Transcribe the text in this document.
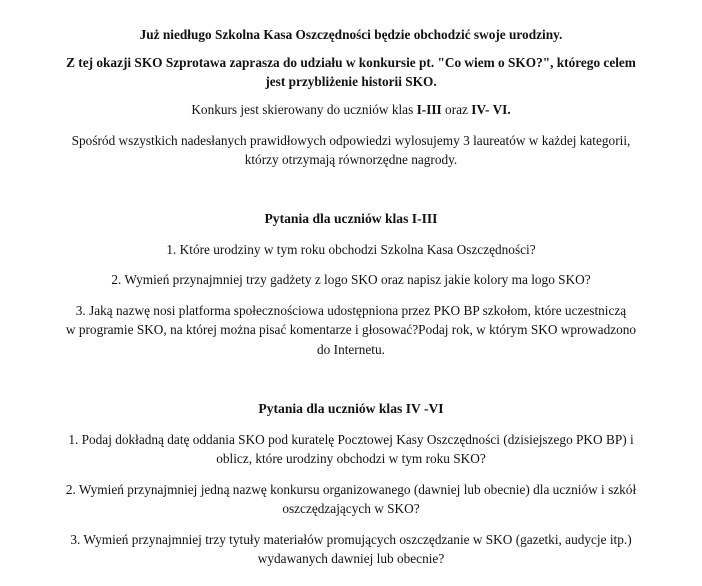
Już niedługo Szkolna Kasa Oszczędności będzie obchodzić swoje urodziny.
Z tej okazji SKO Szprotawa zaprasza do udziału w konkursie pt. "Co wiem o SKO?", którego celem
jest przybliżenie historii SKO.
Konkurs jest skierowany do uczniów klas I-III oraz IV- VI.
Spośród wszystkich nadesłanych prawidłowych odpowiedzi wylosujemy 3 laureatów w każdej kategorii,
którzy otrzymają równorzędne nagrody.
Pytania dla uczniów klas I-III
1. Które urodziny w tym roku obchodzi Szkolna Kasa Oszczędności?
2. Wymień przynajmniej trzy gadżety z logo SKO oraz napisz jakie kolory ma logo SKO?
3. Jaką nazwę nosi platforma społecznościowa udostępniona przez PKO BP szkołom, które uczestniczą
w programie SKO, na której można pisać komentarze i głosować?Podaj rok, w którym SKO wprowadzono
do Internetu.
Pytania dla uczniów klas IV -VI
1. Podaj dokładną datę oddania SKO pod kuratelę Pocztowej Kasy Oszczędności (dzisiejszego PKO BP) i
oblicz, które urodziny obchodzi w tym roku SKO?
2. Wymień przynajmniej jedną nazwę konkursu organizowanego (dawniej lub obecnie) dla uczniów i szkół
oszczędzających w SKO?
3. Wymień przynajmniej trzy tytuły materiałów promujących oszczędzanie w SKO (gazetki, audycje itp.)
wydawanych dawniej lub obecnie?
